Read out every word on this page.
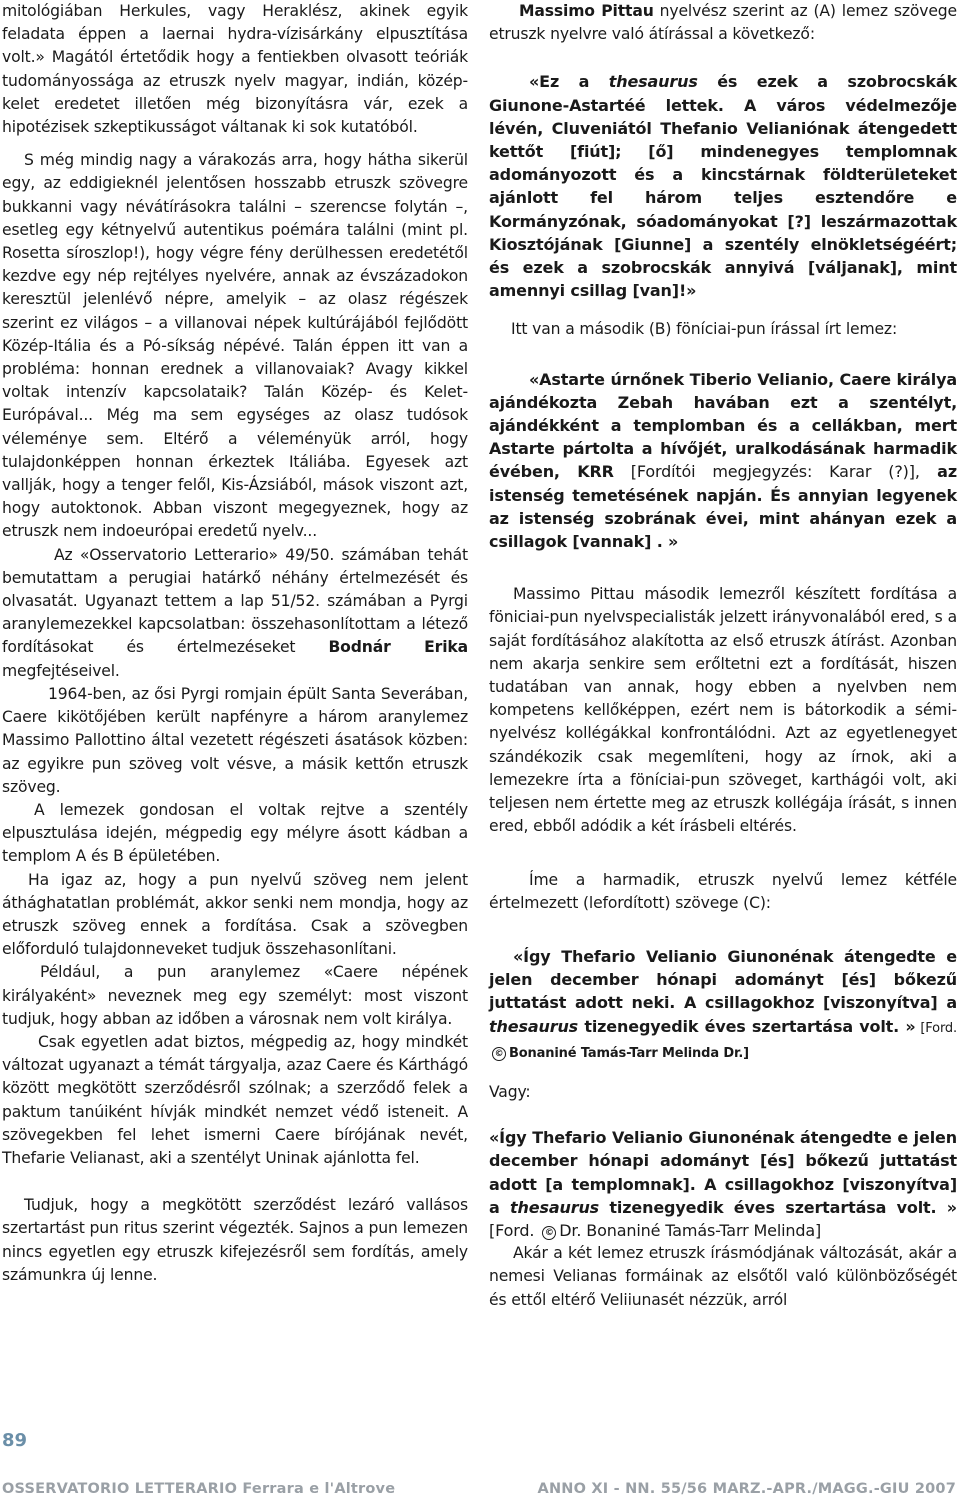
mitológiában Herkules, vagy Heraklész, akinek egyik feladata éppen a laernai hydra-vízisárkány elpusztítása volt.» Magától értetődik hogy a fentiekben olvasott teóriák tudományossága az etruszk nyelv magyar, indián, közép-kelet eredetet illetően még bizonyításra vár, ezek a hipotézisek szkeptikusságot váltanak ki sok kutatóból.

S még mindig nagy a várakozás arra, hogy hátha sikerül egy, az eddigieknél jelentősen hosszabb etruszk szövegre bukkanni vagy névátírásokra találni – szerencse folytán –, esetleg egy kétnyelvű autentikus poémára találni (mint pl. Rosetta síroszlop!), hogy végre fény derülhessen eredetétől kezdve egy nép rejtélyes nyelvére, annak az évszázadokon keresztül jelenlévő népre, amelyik – az olasz régészek szerint ez világos – a villanovai népek kultúrájából fejlődött Közép-Itália és a Pó-síkság népévé. Talán éppen itt van a probléma: honnan erednek a villanovaiak? Avagy kikkel voltak intenzív kapcsolataik? Talán Közép- és Kelet-Európával... Még ma sem egységes az olasz tudósok véleménye sem. Eltérő a véleményük arról, hogy tulajdonképpen honnan érkeztek Itáliába. Egyesek azt vallják, hogy a tenger felől, Kis-Ázsiából, mások viszont azt, hogy autoktonok. Abban viszont megegyeznek, hogy az etruszk nem indoeurópai eredetű nyelv...

Az «Osservatorio Letterario» 49/50. számában tehát bemutattam a perugiai határkő néhány értelmezését és olvasatát. Ugyanazt tettem a lap 51/52. számában a Pyrgi aranylemezekkel kapcsolatban: összehasonlítottam a létező fordításokat és értelmezéseket Bodnár Erika megfejtéseivel.

1964-ben, az ősi Pyrgi romjain épült Santa Severában, Caere kikötőjében került napfényre a három aranylemez Massimo Pallottino által vezetett régészeti ásatások közben: az egyikre pun szöveg volt vésve, a másik kettőn etruszk szöveg.

A lemezek gondosan el voltak rejtve a szentély elpusztulása idején, mégpedig egy mélyre ásott kádban a templom A és B épületében.

Ha igaz az, hogy a pun nyelvű szöveg nem jelent áthághatatlan problémát, akkor senki nem mondja, hogy az etruszk szöveg ennek a fordítása. Csak a szövegben előforduló tulajdonneveket tudjuk összehasonlítani.

Például, a pun aranylemez «Caere népének királyaként» neveznek meg egy személyt: most viszont tudjuk, hogy abban az időben a városnak nem volt királya.

Csak egyetlen adat biztos, mégpedig az, hogy mindkét változat ugyanazt a témát tárgyalja, azaz Caere és Kárthágó között megkötött szerződésről szólnak; a szerződő felek a paktum tanúiként hívják mindkét nemzet védő isteneit. A szövegekben fel lehet ismerni Caere bírójának nevét, Thefarie Velianast, aki a szentélyt Uninak ajánlotta fel.

Tudjuk, hogy a megkötött szerződést lezáró vallásos szertartást pun ritus szerint végezték. Sajnos a pun lemezen nincs egyetlen egy etruszk kifejezésről sem fordítás, amely számunkra új lenne.

Massimo Pittau nyelvész szerint az (A) lemez szövege etruszk nyelvre való átírással a következő:

«Ez a thesaurus és ezek a szobrocskák Giunone-Astartéé lettek. A város védelmezője lévén, Cluveniától Thefanio Velianiónak átengedett kettőt [fiút]; [ő] mindenegyes templomnak adományozott és a kincstárnak földterületeket ajánlott fel három teljes esztendőre e Kormányzónak, sóadományokat [?] leszármazottak Kiosztójának [Giunne] a szentély elnökletségéért; és ezek a szobrocskák annyivá [váljanak], mint amennyi csillag [van]!»

Itt van a második (B) föníciai-pun írással írt lemez:

«Astarte úrnőnek Tiberio Velianio, Caere királya ajándékozta Zebah havában ezt a szentélyt, ajándékként a templomban és a cellákban, mert Astarte pártolta a hívőjét, uralkodásának harmadik évében, KRR [Fordítói megjegyzés: Karar (?)], az istenség temetésének napján. És annyian legyenek az istenség szobrának évei, mint ahányan ezek a csillagok [vannak] . »

Massimo Pittau második lemezről készített fordítása a föniciai-pun nyelvspecialisták jelzett irányvonalából ered, s a saját fordításához alakította az első etruszk átírást. Azonban nem akarja senkire sem erőltetni ezt a fordítását, hiszen tudatában van annak, hogy ebben a nyelvben nem kompetens kellőképpen, ezért nem is bátorkodik a sémi-nyelvész kollégákkal konfrontálódni. Azt az egyetlenegyet szándékozik csak megemlíteni, hogy az írnok, aki a lemezekre írta a föníciai-pun szöveget, karthágói volt, aki teljesen nem értette meg az etruszk kollégája írását, s innen ered, ebből adódik a két írásbeli eltérés.

Íme a harmadik, etruszk nyelvű lemez kétféle értelmezett (lefordított) szövege (C):

«Így Thefario Velianio Giunonénak átengedte e jelen december hónapi adományt [és] bőkezű juttatást adott neki. A csillagokhoz [viszonyítva] a thesaurus tizenegyedik éves szertartása volt. » [Ford. © Bonaniné Tamás-Tarr Melinda Dr.]

Vagy:

«Így Thefario Velianio Giunonénak átengedte e jelen december hónapi adományt [és] bőkezű juttatást adott [a templomnak]. A csillagokhoz [viszonyítva] a thesaurus tizenegyedik éves szertartása volt. » [Ford. © Dr. Bonaniné Tamás-Tarr Melinda]

Akár a két lemez etruszk írásmódjának változását, akár a nemesi Velianas formáinak az elsőtől való különbözőségét és ettől eltérő Veliiunasét nézzük, arról

89
OSSERVATORIO LETTERARIO Ferrara e l'Altrove	ANNO XI - NN. 55/56 MARZ.-APR./MAGG.-GIU 2007
